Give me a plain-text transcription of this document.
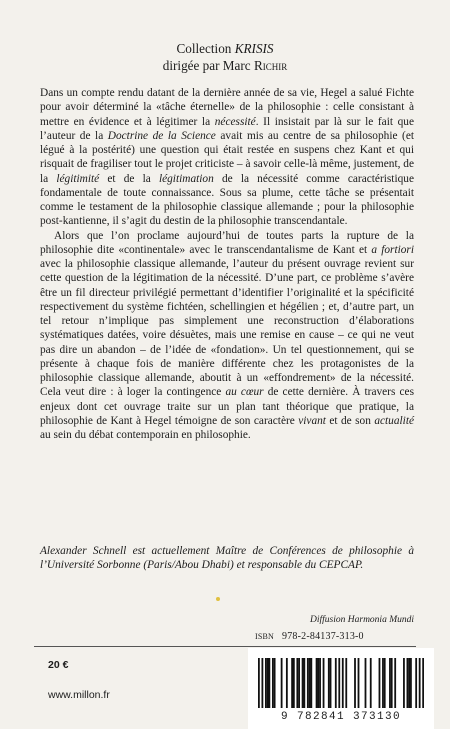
Collection KRISIS
dirigée par Marc Richir

Dans un compte rendu datant de la dernière année de sa vie, Hegel a salué Fichte pour avoir déterminé la «tâche éternelle» de la philosophie : celle consistant à mettre en évidence et à légitimer la nécessité. Il insistait par là sur le fait que l’auteur de la Doctrine de la Science avait mis au centre de sa philosophie (et légué à la postérité) une question qui était restée en suspens chez Kant et qui risquait de fragiliser tout le projet criticiste – à savoir celle-là même, justement, de la légitimité et de la légitimation de la nécessité comme caractéristique fondamentale de toute connaissance. Sous sa plume, cette tâche se présentait comme le testament de la philosophie classique allemande ; pour la philosophie post-kantienne, il s’agit du destin de la philosophie transcendantale.

Alors que l’on proclame aujourd’hui de toutes parts la rupture de la philosophie dite «continentale» avec le transcendantalisme de Kant et a fortiori avec la philosophie classique allemande, l’auteur du présent ouvrage revient sur cette question de la légitimation de la nécessité. D’une part, ce problème s’avère être un fil directeur privilégié permettant d’identifier l’originalité et la spécificité respectivement du système fichtéen, schellingien et hégélien ; et, d’autre part, un tel retour n’implique pas simplement une reconstruction d’élaborations systématiques datées, voire désuètes, mais une remise en cause – ce qui ne veut pas dire un abandon – de l’idée de «fondation». Un tel questionnement, qui se présente à chaque fois de manière différente chez les protagonistes de la philosophie classique allemande, aboutit à un «effondrement» de la nécessité. Cela veut dire : à loger la contingence au cœur de cette dernière. À travers ces enjeux dont cet ouvrage traite sur un plan tant théorique que pratique, la philosophie de Kant à Hegel témoigne de son caractère vivant et de son actualité au sein du débat contemporain en philosophie.

Alexander Schnell est actuellement Maître de Conférences de philosophie à l’Université Sorbonne (Paris/Abou Dhabi) et responsable du CEPCAP.
Diffusion Harmonia Mundi
ISBN 978-2-84137-313-0
20 €
www.millon.fr
9 782841 373130
